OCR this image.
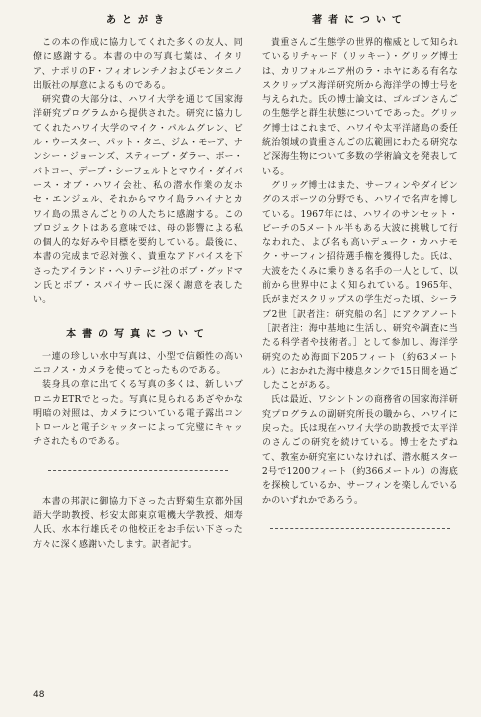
あとがき

この本の作成に協力してくれた多くの友人、同僚に感謝する。本書の中の写真七葉は、イタリア、ナポリのF・フィオレンチノおよびモンタニノ出版社の厚意によるものである。

研究費の大部分は、ハワイ大学を通じて国家海洋研究プログラムから提供された。研究に協力してくれたハワイ大学のマイク・パルムグレン、ビル・ウースター、パット・タニ、ジム・モーア、ナンシー・ジョーンズ、スティーブ・ダラー、ボー・バトコー、デーブ・シーフェルトとマウイ・ダイバース・オブ・ハワイ会社、私の潜水作業の友ホセ・エンジェル、それからマウイ島ラハイナとカワイ島の黒さんごとりの人たちに感謝する。このプロジェクトはある意味では、母の影響による私の個人的な好みや目標を要約している。最後に、本書の完成まで忍対強く、貴重なアドバイスを下さったアイランド・ヘリテージ社のボブ・グッドマン氏とボブ・スパイサー氏に深く謝意を表したい。

本書の写真について

一連の珍しい水中写真は、小型で信頼性の高いニコノス・カメラを使ってとったものである。

装身具の章に出てくる写真の多くは、新しいブロニカETRでとった。写真に見られるあざやかな明暗の対照は、カメラについている電子露出コントロールと電子シャッターによって完璧にキャッチされたものである。

本書の邦訳に御協力下さった古野菊生京都外国語大学助教授、杉安太郎東京電機大学教授、畑寿人氏、水本行雄氏その他校正をお手伝い下さった方々に深く感謝いたします。訳者記す。

著者について

貴重さんご生態学の世界的権威として知られているリチャード（リッキー）・グリッグ博士は、カリフォルニア州のラ・ホヤにある有名なスクリップス海洋研究所から海洋学の博士号を与えられた。氏の博士論文は、ゴルゴンさんごの生態学と群生状態についてであった。グリッグ博士はこれまで、ハワイや太平洋諸島の委任統治領域の貴重さんごの広範囲にわたる研究など深海生物について多数の学術論文を発表している。

グリッグ博士はまた、サーフィンやダイビングのスポーツの分野でも、ハワイで名声を博している。1967年には、ハワイのサンセット・ビーチの5メートル半もある大波に挑戦して行なわれた、よび名も高いデューク・カハナモク・サーフィン招待選手権を獲得した。氏は、大波をたくみに乗りきる名手の一人として、以前から世界中によく知られている。1965年、氏がまだスクリップスの学生だった頃、シーラブ2世［訳者注：研究船の名］にアクアノート［訳者注：海中基地に生活し、研究や調査に当たる科学者や技術者。］として参加し、海洋学研究のため海面下205フィート（約63メートル）におかれた海中棲息タンクで15日間を過ごしたことがある。

氏は最近、ワシントンの商務省の国家海洋研究プログラムの副研究所長の職から、ハワイに戻った。氏は現在ハワイ大学の助教授で太平洋のさんごの研究を続けている。博士をたずねて、教室か研究室にいなければ、潜水艇スター2号で1200フィート（約366メートル）の海底を探検しているか、サーフィンを楽しんでいるかのいずれかであろう。

48
